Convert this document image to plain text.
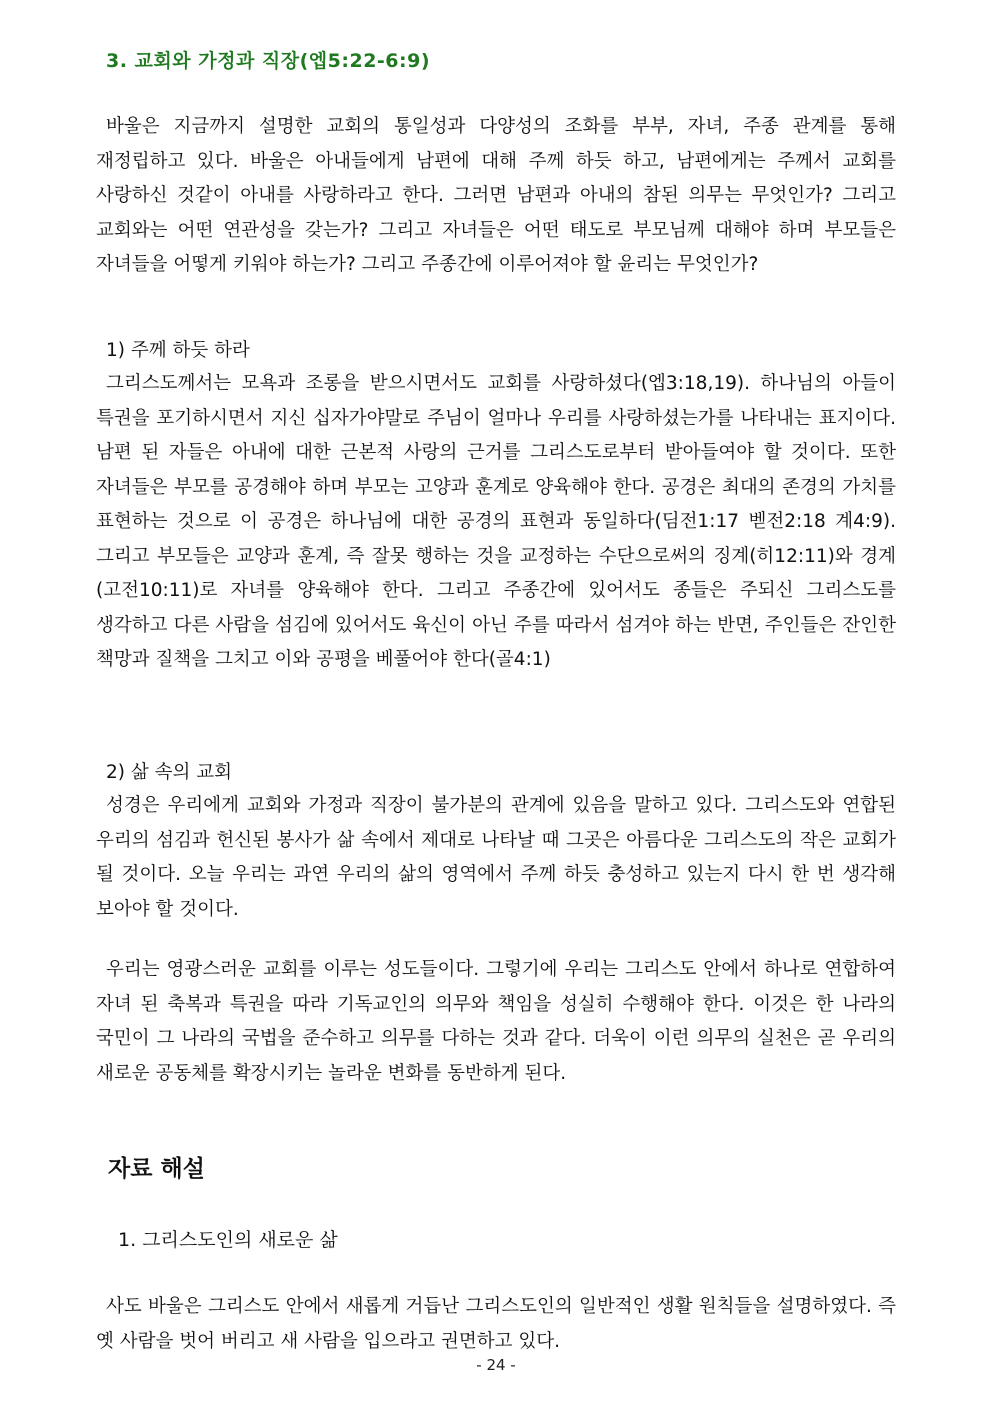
3. 교회와 가정과 직장(엡5:22-6:9)

바울은 지금까지 설명한 교회의 통일성과 다양성의 조화를 부부, 자녀, 주종 관계를 통해 재정립하고 있다. 바울은 아내들에게 남편에 대해 주께 하듯 하고, 남편에게는 주께서 교회를 사랑하신 것같이 아내를 사랑하라고 한다. 그러면 남편과 아내의 참된 의무는 무엇인가? 그리고 교회와는 어떤 연관성을 갖는가? 그리고 자녀들은 어떤 태도로 부모님께 대해야 하며 부모들은 자녀들을 어떻게 키워야 하는가? 그리고 주종간에 이루어져야 할 윤리는 무엇인가?

1) 주께 하듯 하라

그리스도께서는 모욕과 조롱을 받으시면서도 교회를 사랑하셨다(엡3:18,19). 하나님의 아들이 특권을 포기하시면서 지신 십자가야말로 주님이 얼마나 우리를 사랑하셨는가를 나타내는 표지이다. 남편 된 자들은 아내에 대한 근본적 사랑의 근거를 그리스도로부터 받아들여야 할 것이다. 또한 자녀들은 부모를 공경해야 하며 부모는 고양과 훈계로 양육해야 한다. 공경은 최대의 존경의 가치를 표현하는 것으로 이 공경은 하나님에 대한 공경의 표현과 동일하다(딤전1:17 벧전2:18 계4:9). 그리고 부모들은 교양과 훈계, 즉 잘못 행하는 것을 교정하는 수단으로써의 징계(히12:11)와 경계(고전10:11)로 자녀를 양육해야 한다. 그리고 주종간에 있어서도 종들은 주되신 그리스도를 생각하고 다른 사람을 섬김에 있어서도 육신이 아닌 주를 따라서 섬겨야 하는 반면, 주인들은 잔인한 책망과 질책을 그치고 이와 공평을 베풀어야 한다(골4:1)

2) 삶 속의 교회

성경은 우리에게 교회와 가정과 직장이 불가분의 관계에 있음을 말하고 있다. 그리스도와 연합된 우리의 섬김과 헌신된 봉사가 삶 속에서 제대로 나타날 때 그곳은 아름다운 그리스도의 작은 교회가 될 것이다. 오늘 우리는 과연 우리의 삶의 영역에서 주께 하듯 충성하고 있는지 다시 한 번 생각해 보아야 할 것이다.

우리는 영광스러운 교회를 이루는 성도들이다. 그렇기에 우리는 그리스도 안에서 하나로 연합하여 자녀 된 축복과 특권을 따라 기독교인의 의무와 책임을 성실히 수행해야 한다. 이것은 한 나라의 국민이 그 나라의 국법을 준수하고 의무를 다하는 것과 같다. 더욱이 이런 의무의 실천은 곧 우리의 새로운 공동체를 확장시키는 놀라운 변화를 동반하게 된다.

자료 해설
1. 그리스도인의 새로운 삶

사도 바울은 그리스도 안에서 새롭게 거듭난 그리스도인의 일반적인 생활 원칙들을 설명하였다. 즉 옛 사람을 벗어 버리고 새 사람을 입으라고 권면하고 있다.

- 24 -
